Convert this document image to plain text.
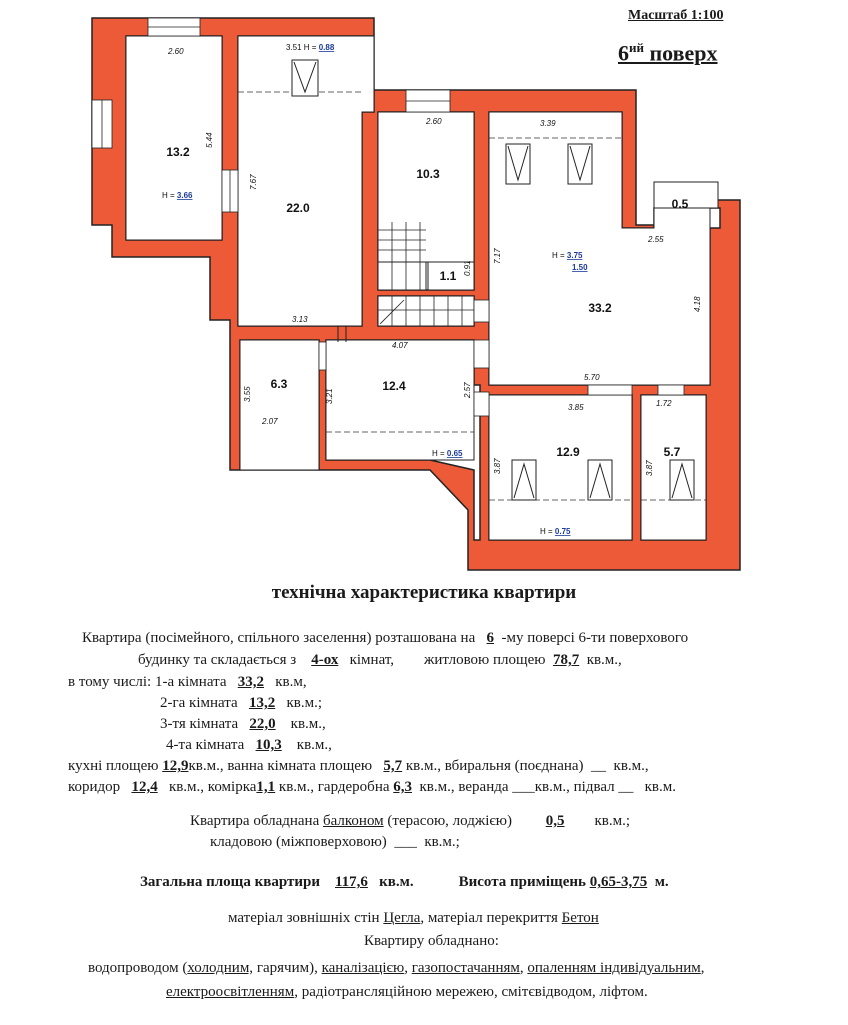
Масштаб 1:100
$6^{ий}$ поверх
13.2
22.0
10.3
1.1
33.2
0.5
6.3	12.4
12.9	5.7
2.60
5.44
7.67
3.13
2.60
0.91
7.17
3.39
2.55
4.18
3.55
2.07
3.21
4.07
2.57
5.70
3.85	1.72
3.87	3.87
3.51 H = 0.88
H = 3.66
H = 3.75
1.50
H = 0.65
H = 0.75
технічна характеристика квартири
Квартира (посімейного, спільного заселення) розташована на 6 -му поверсі 6-ти поверхового
будинку та складається з 4-ох кімнат, житловою площею 78,7 кв.м.,
в тому числі: 1-а кімната 33,2 кв.м,
2-га кімната 13,2 кв.м.;
3-тя кімната 22,0 кв.м.,
4-та кімната 10,3 кв.м.,
кухні площею 12,9кв.м., ванна кімната площею 5,7 кв.м., вбиральня (поєднана) __ кв.м.,
коридор 12,4 кв.м., комірка1,1 кв.м., гардеробна 6,3 кв.м., веранда ___кв.м., підвал __ кв.м.
Квартира обладнана балконом (терасою, лоджією) 0,5 кв.м.;
кладовою (міжповерховою) ___ кв.м.;
Загальна площа квартири 117,6 кв.м.	Висота приміщень 0,65-3,75 м.
матеріал зовнішніх стін Цегла, матеріал перекриття Бетон
Квартиру обладнано:
водопроводом (холодним, гарячим), каналізацією, газопостачанням, опаленням індивідуальним,
електроосвітленням, радіотрансляційною мережею, смітєвідводом, ліфтом.
